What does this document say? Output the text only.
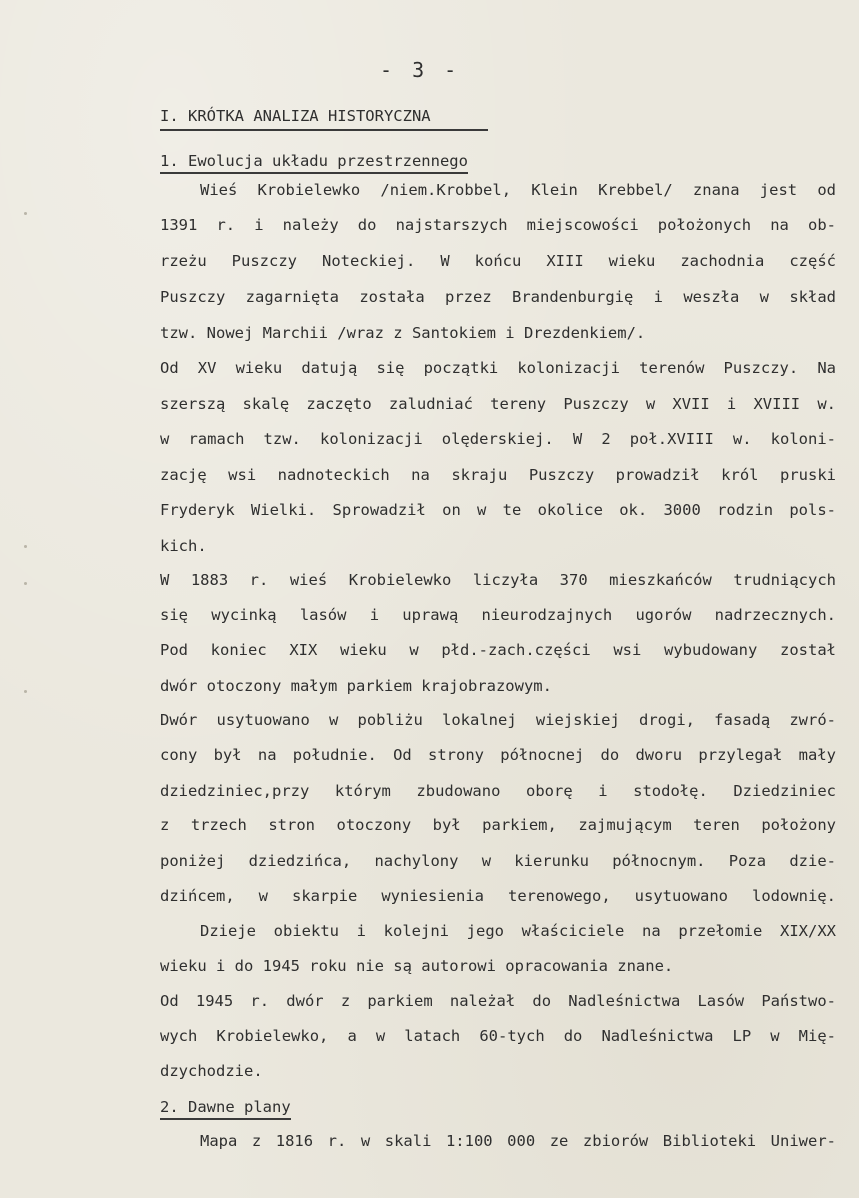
- 3 -
I. KRÓTKA ANALIZA HISTORYCZNA
1. Ewolucja układu przestrzennego
Wieś Krobielewko /niem.Krobbel, Klein Krebbel/ znana jest od
1391 r. i należy do najstarszych miejscowości położonych na ob-
rzeżu Puszczy Noteckiej. W końcu XIII wieku zachodnia część
Puszczy zagarnięta została przez Brandenburgię i weszła w skład
tzw. Nowej Marchii /wraz z Santokiem i Drezdenkiem/.
Od XV wieku datują się początki kolonizacji terenów Puszczy. Na
szerszą skalę zaczęto zaludniać tereny Puszczy w XVII i XVIII w.
w ramach tzw. kolonizacji olęderskiej. W 2 poł.XVIII w. koloni-
zację wsi nadnoteckich na skraju Puszczy prowadził król pruski
Fryderyk Wielki. Sprowadził on w te okolice ok. 3000 rodzin pols-
kich.
W 1883 r. wieś Krobielewko liczyła 370 mieszkańców trudniących
się wycinką lasów i uprawą nieurodzajnych ugorów nadrzecznych.
Pod koniec XIX wieku w płd.-zach.części wsi wybudowany został
dwór otoczony małym parkiem krajobrazowym.
Dwór usytuowano w pobliżu lokalnej wiejskiej drogi, fasadą zwró-
cony był na południe. Od strony północnej do dworu przylegał mały
dziedziniec,przy którym zbudowano oborę i stodołę. Dziedziniec
z trzech stron otoczony był parkiem, zajmującym teren położony
poniżej dziedzińca, nachylony w kierunku północnym. Poza dzie-
dzińcem, w skarpie wyniesienia terenowego, usytuowano lodownię.
Dzieje obiektu i kolejni jego właściciele na przełomie XIX/XX
wieku i do 1945 roku nie są autorowi opracowania znane.
Od 1945 r. dwór z parkiem należał do Nadleśnictwa Lasów Państwo-
wych Krobielewko, a w latach 60-tych do Nadleśnictwa LP w Mię-
dzychodzie.
2. Dawne plany
Mapa z 1816 r. w skali 1:100 000 ze zbiorów Biblioteki Uniwer-
